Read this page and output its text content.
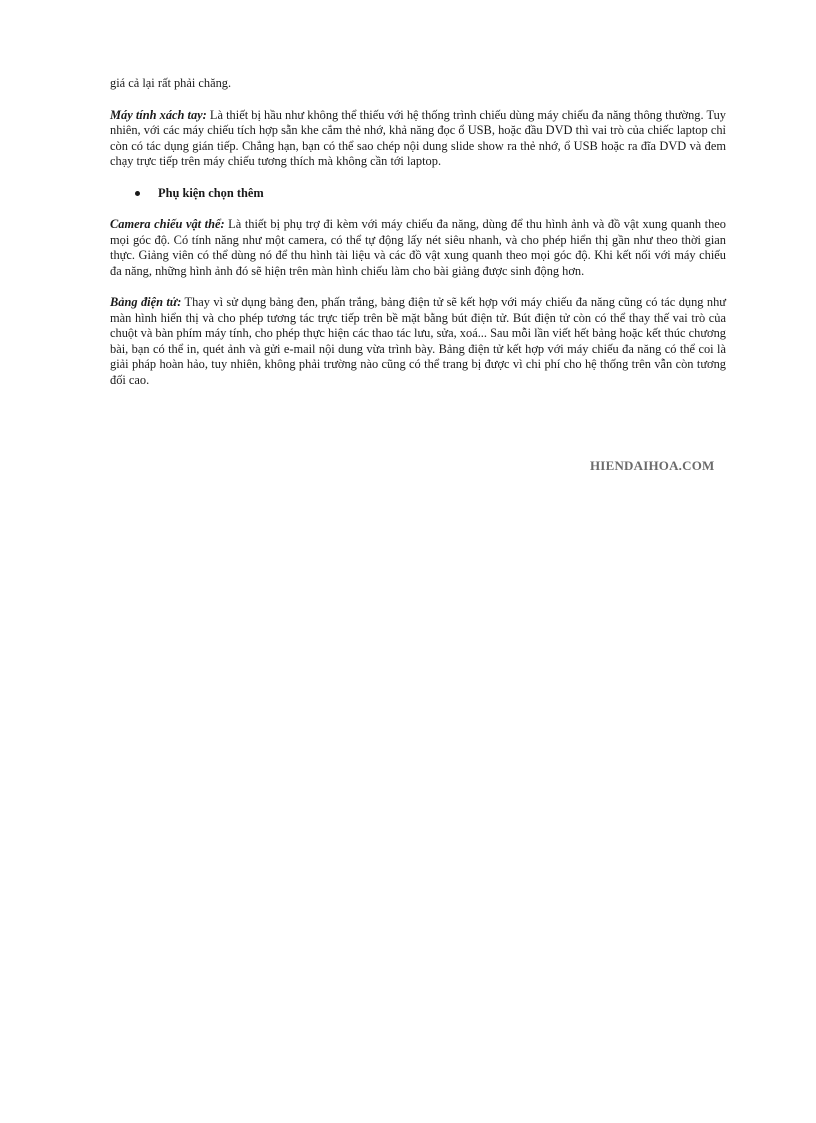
giá cả lại rất phải chăng.

Máy tính xách tay: Là thiết bị hầu như không thể thiếu với hệ thống trình chiếu dùng máy chiếu đa năng thông thường. Tuy nhiên, với các máy chiếu tích hợp sẵn khe cắm thẻ nhớ, khả năng đọc ổ USB, hoặc đầu DVD thì vai trò của chiếc laptop chỉ còn có tác dụng gián tiếp. Chẳng hạn, bạn có thể sao chép nội dung slide show ra thẻ nhớ, ổ USB hoặc ra đĩa DVD và đem chạy trực tiếp trên máy chiếu tương thích mà không cần tới laptop.

Phụ kiện chọn thêm

Camera chiếu vật thể: Là thiết bị phụ trợ đi kèm với máy chiếu đa năng, dùng để thu hình ảnh và đồ vật xung quanh theo mọi góc độ. Có tính năng như một camera, có thể tự động lấy nét siêu nhanh, và cho phép hiển thị gần như theo thời gian thực. Giảng viên có thể dùng nó để thu hình tài liệu và các đồ vật xung quanh theo mọi góc độ. Khi kết nối với máy chiếu đa năng, những hình ảnh đó sẽ hiện trên màn hình chiếu làm cho bài giảng được sinh động hơn.

Bảng điện tử: Thay vì sử dụng bảng đen, phấn trắng, bảng điện tử sẽ kết hợp với máy chiếu đa năng cũng có tác dụng như màn hình hiển thị và cho phép tương tác trực tiếp trên bề mặt bằng bút điện tử. Bút điện tử còn có thể thay thế vai trò của chuột và bàn phím máy tính, cho phép thực hiện các thao tác lưu, sửa, xoá... Sau mỗi lần viết hết bảng hoặc kết thúc chương bài, bạn có thể in, quét ảnh và gửi e-mail nội dung vừa trình bày. Bảng điện tử kết hợp với máy chiếu đa năng có thể coi là giải pháp hoàn hảo, tuy nhiên, không phải trường nào cũng có thể trang bị được vì chi phí cho hệ thống trên vẫn còn tương đối cao.

HIENDAIHOA.COM
